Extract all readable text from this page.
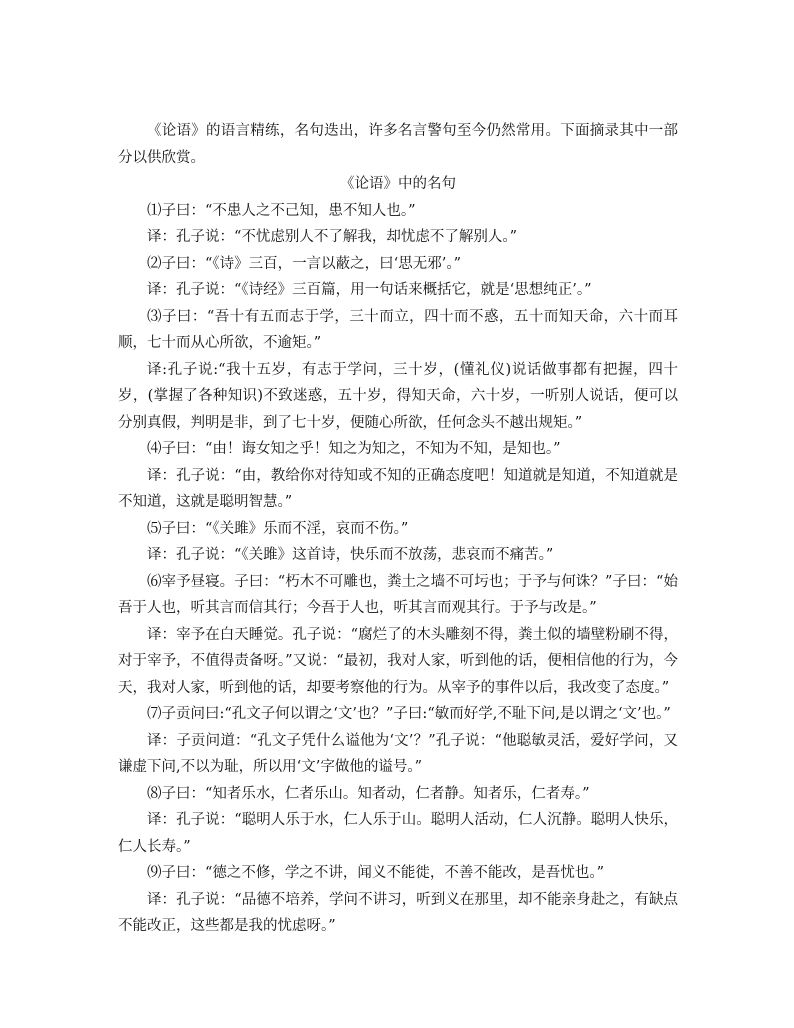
《论语》的语言精练，名句迭出，许多名言警句至今仍然常用。下面摘录其中一部分以供欣赏。

《论语》中的名句

⑴子曰：“不患人之不己知，患不知人也。”

译：孔子说：“不忧虑别人不了解我，却忧虑不了解别人。”

⑵子曰：“《诗》三百，一言以蔽之，曰‘思无邪’。”

译：孔子说：“《诗经》三百篇，用一句话来概括它，就是‘思想纯正’。”

⑶子曰：“吾十有五而志于学，三十而立，四十而不惑，五十而知天命，六十而耳顺，七十而从心所欲，不逾矩。”

译:孔子说:“我十五岁，有志于学问，三十岁，(懂礼仪)说话做事都有把握，四十岁，(掌握了各种知识)不致迷惑，五十岁，得知天命，六十岁，一听别人说话，便可以分别真假，判明是非，到了七十岁，便随心所欲，任何念头不越出规矩。”

⑷子曰：“由！诲女知之乎！知之为知之，不知为不知，是知也。”

译：孔子说：“由，教给你对待知或不知的正确态度吧！知道就是知道，不知道就是不知道，这就是聪明智慧。”

⑸子曰：“《关雎》乐而不淫，哀而不伤。”

译：孔子说：“《关雎》这首诗，快乐而不放荡，悲哀而不痛苦。”

⑹宰予昼寝。子曰：“朽木不可雕也，粪土之墙不可圬也；于予与何诛？”子曰：“始吾于人也，听其言而信其行；今吾于人也，听其言而观其行。于予与改是。”

译：宰予在白天睡觉。孔子说：“腐烂了的木头雕刻不得，粪土似的墙壁粉刷不得，对于宰予，不值得责备呀。”又说：“最初，我对人家，听到他的话，便相信他的行为，今天，我对人家，听到他的话，却要考察他的行为。从宰予的事件以后，我改变了态度。”

⑺子贡问曰:“孔文子何以谓之‘文’也？”子曰:“敏而好学,不耻下问,是以谓之‘文’也。”

译：子贡问道：“孔文子凭什么谥他为‘文’？”孔子说：“他聪敏灵活，爱好学问，又谦虚下问,不以为耻，所以用‘文’字做他的谥号。”

⑻子曰：“知者乐水，仁者乐山。知者动，仁者静。知者乐，仁者寿。”

译：孔子说：“聪明人乐于水，仁人乐于山。聪明人活动，仁人沉静。聪明人快乐，仁人长寿。”

⑼子曰：“德之不修，学之不讲，闻义不能徙，不善不能改，是吾忧也。”

译：孔子说：“品德不培养，学问不讲习，听到义在那里，却不能亲身赴之，有缺点不能改正，这些都是我的忧虑呀。”
